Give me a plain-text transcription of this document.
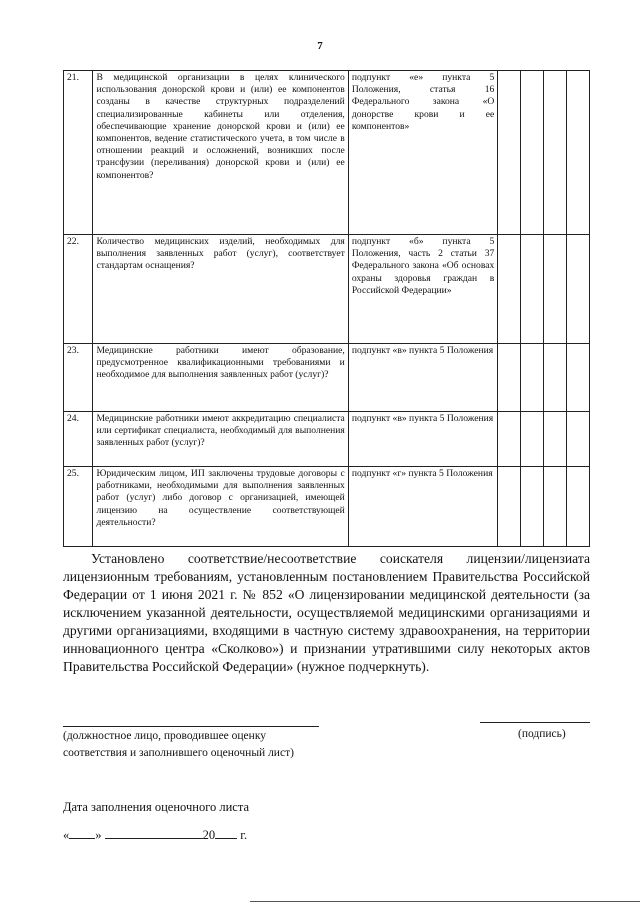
7
21.	В медицинской организации в целях клинического использования донорской крови и (или) ее компонентов созданы в качестве структурных подразделений специализированные кабинеты или отделения, обеспечивающие хранение донорской крови и (или) ее компонентов, ведение статистического учета, в том числе в отношении реакций и осложнений, возникших после трансфузии (переливания) донорской крови и (или) ее компонентов?	подпункт «е» пункта 5 Положения, статья 16 Федерального закона «О донорстве крови и ее компонентов»				
22.	Количество медицинских изделий, необходимых для выполнения заявленных работ (услуг), соответствует стандартам оснащения?	подпункт «б» пункта 5 Положения, часть 2 статьи 37 Федерального закона «Об основах охраны здоровья граждан в Российской Федерации»				
23.	Медицинские работники имеют образование, предусмотренное квалификационными требованиями и необходимое для выполнения заявленных работ (услуг)?	подпункт «в» пункта 5 Положения				
24.	Медицинские работники имеют аккредитацию специалиста или сертификат специалиста, необходимый для выполнения заявленных работ (услуг)?	подпункт «в» пункта 5 Положения				
25.	Юридическим лицом, ИП заключены трудовые договоры с работниками, необходимыми для выполнения заявленных работ (услуг) либо договор с организацией, имеющей лицензию на осуществление соответствующей деятельности?	подпункт «г» пункта 5 Положения				

Установлено соответствие/несоответствие соискателя лицензии/лицензиата лицензионным требованиям, установленным постановлением Правительства Российской Федерации от 1 июня 2021 г. № 852 «О лицензировании медицинской деятельности (за исключением указанной деятельности, осуществляемой медицинскими организациями и другими организациями, входящими в частную систему здравоохранения, на территории инновационного центра «Сколково») и признании утратившими силу некоторых актов Правительства Российской Федерации» (нужное подчеркнуть).

(должностное лицо, проводившее оценку соответствия и заполнившего оценочный лист)

(подпись)
Дата заполнения оценочного листа
« »	20 г.
